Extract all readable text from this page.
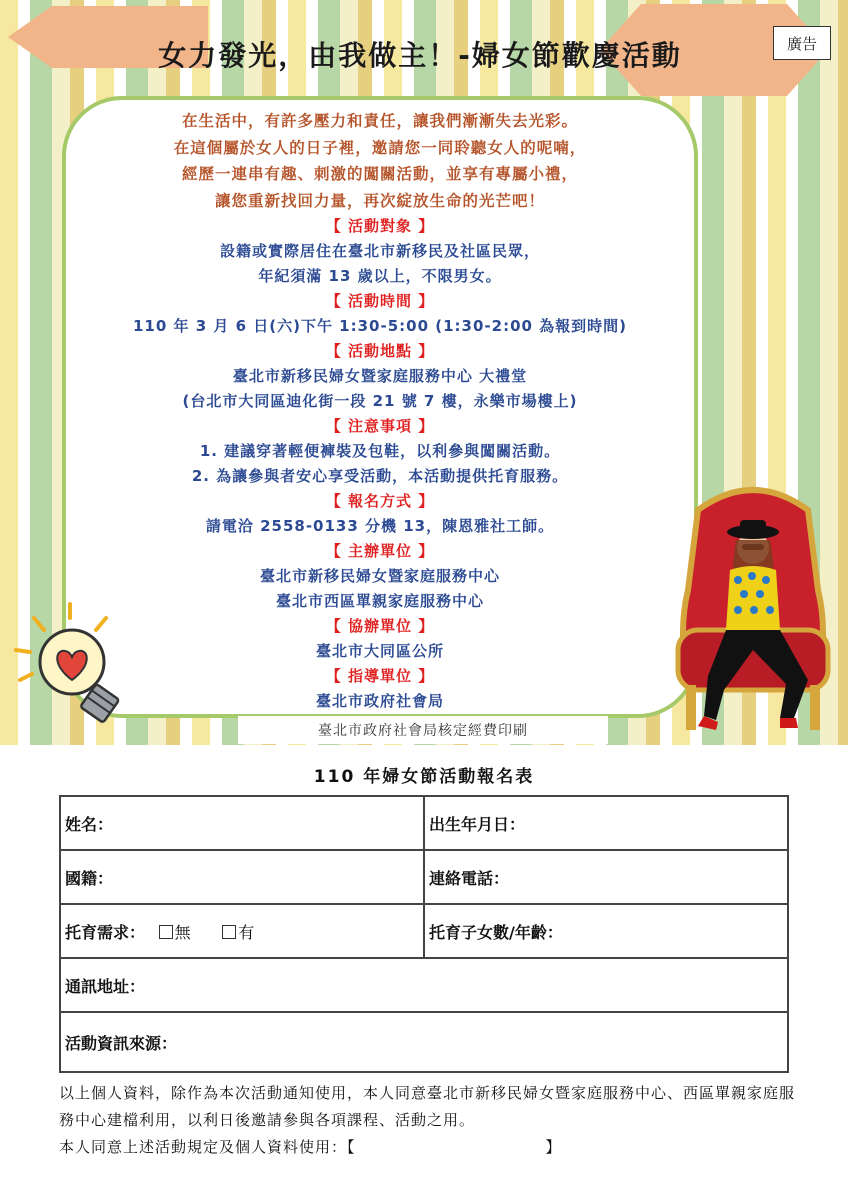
廣告
女力發光，由我做主！-婦女節歡慶活動

在生活中，有許多壓力和責任，讓我們漸漸失去光彩。

在這個屬於女人的日子裡，邀請您一同聆聽女人的呢喃，

經歷一連串有趣、刺激的闖關活動，並享有專屬小禮，

讓您重新找回力量，再次綻放生命的光芒吧！

【 活動對象 】
設籍或實際居住在臺北市新移民及社區民眾，
年紀須滿 13 歲以上，不限男女。
【 活動時間 】
110 年 3 月 6 日(六)下午 1:30-5:00 (1:30-2:00 為報到時間)
【 活動地點 】
臺北市新移民婦女暨家庭服務中心 大禮堂
(台北市大同區迪化街一段 21 號 7 樓，永樂市場樓上)
【 注意事項 】
1. 建議穿著輕便褲裝及包鞋，以利參與闖關活動。
2. 為讓參與者安心享受活動，本活動提供托育服務。
【 報名方式 】
請電洽 2558-0133 分機 13，陳恩雅社工師。
【 主辦單位 】
臺北市新移民婦女暨家庭服務中心
臺北市西區單親家庭服務中心
【 協辦單位 】
臺北市大同區公所
【 指導單位 】
臺北市政府社會局
臺北市政府社會局核定經費印刷
110 年婦女節活動報名表
姓名：	出生年月日：
國籍：	連絡電話：
托育需求： 無 有	托育子女數/年齡：
通訊地址：	
活動資訊來源：	

以上個人資料，除作為本次活動通知使用，本人同意臺北市新移民婦女暨家庭服務中心、西區單親家庭服務中心建檔利用，以利日後邀請參與各項課程、活動之用。

本人同意上述活動規定及個人資料使用：【	】
